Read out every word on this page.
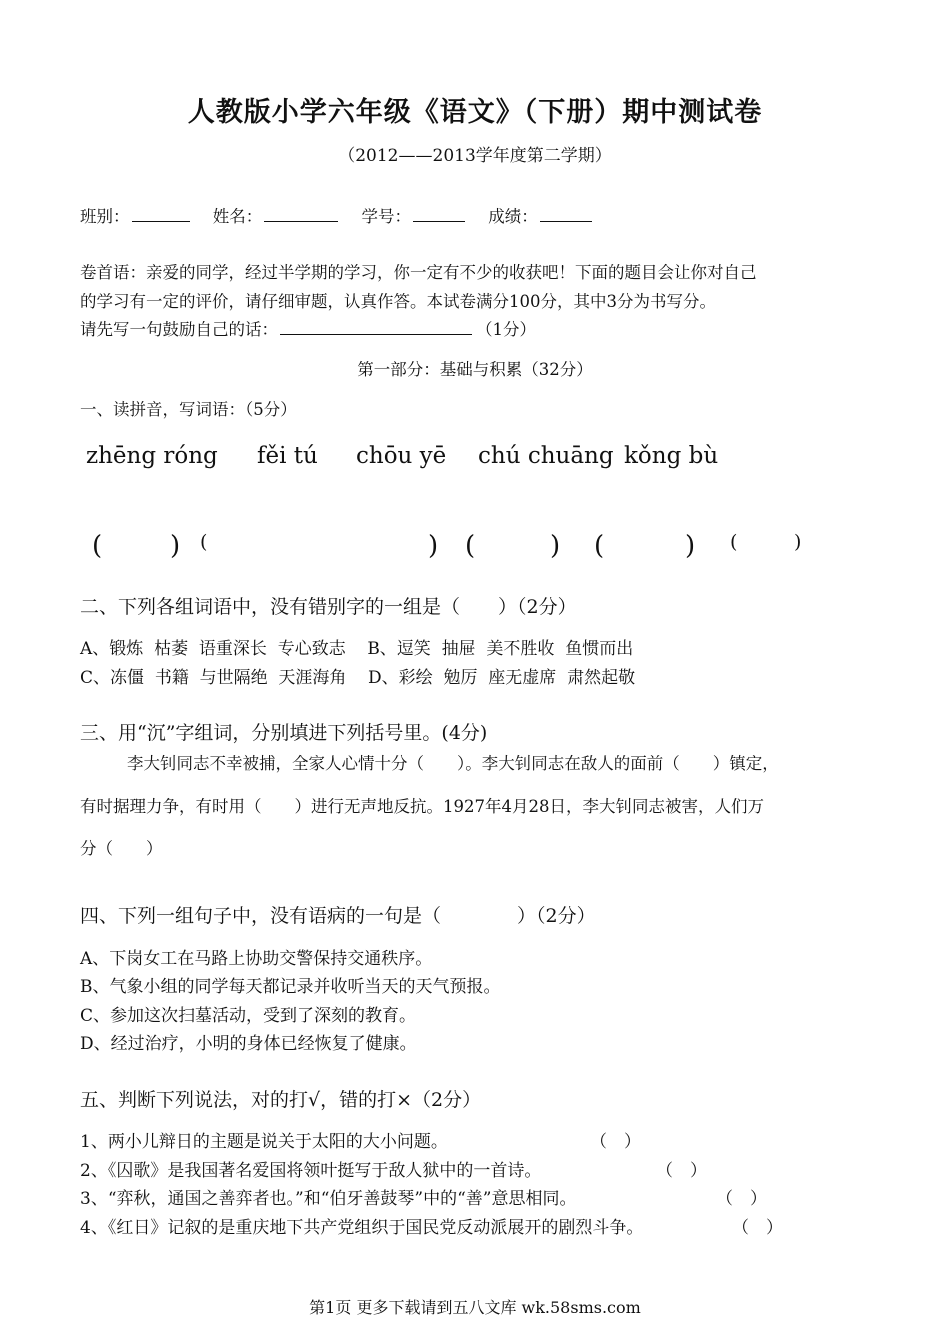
人教版小学六年级《语文》（下册）期中测试卷
（2012——2013学年度第二学期）
班别：	姓名：	学号：	成绩：
卷首语：亲爱的同学，经过半学期的学习，你一定有不少的收获吧！下面的题目会让你对自己
的学习有一定的评价，请仔细审题，认真作答。本试卷满分100分，其中3分为书写分。
请先写一句鼓励自己的话：	（1分）
第一部分：基础与积累（32分）
一、读拼音，写词语：（5分）
zhēng róng fěi tú chōu yē chú chuāng kǒng bù
(	) (	) (	) (	) (	)
二、下列各组词语中，没有错别字的一组是（　　）（2分）
A、锻炼  枯萎  语重深长  专心致志    B、逗笑  抽屉  美不胜收  鱼惯而出
C、冻僵  书籍  与世隔绝  天涯海角    D、彩绘  勉厉  座无虚席  肃然起敬
三、用“沉”字组词，分别填进下列括号里。(4分)
李大钊同志不幸被捕，全家人心情十分（　　）。李大钊同志在敌人的面前（　　）镇定，
有时据理力争，有时用（　　）进行无声地反抗。1927年4月28日，李大钊同志被害，人们万
分（　　）
四、下列一组句子中，没有语病的一句是（　　　　）（2分）
A、下岗女工在马路上协助交警保持交通秩序。
B、气象小组的同学每天都记录并收听当天的天气预报。
C、参加这次扫墓活动，受到了深刻的教育。
D、经过治疗，小明的身体已经恢复了健康。
五、判断下列说法，对的打√，错的打×（2分）
1、两小儿辩日的主题是说关于太阳的大小问题。	（　）
2、《囚歌》是我国著名爱国将领叶挺写于敌人狱中的一首诗。	（　）
3、“弈秋，通国之善弈者也。”和“伯牙善鼓琴”中的“善”意思相同。	（　）
4、《红日》记叙的是重庆地下共产党组织于国民党反动派展开的剧烈斗争。	（　）
第1页 更多下载请到五八文库 wk.58sms.com
